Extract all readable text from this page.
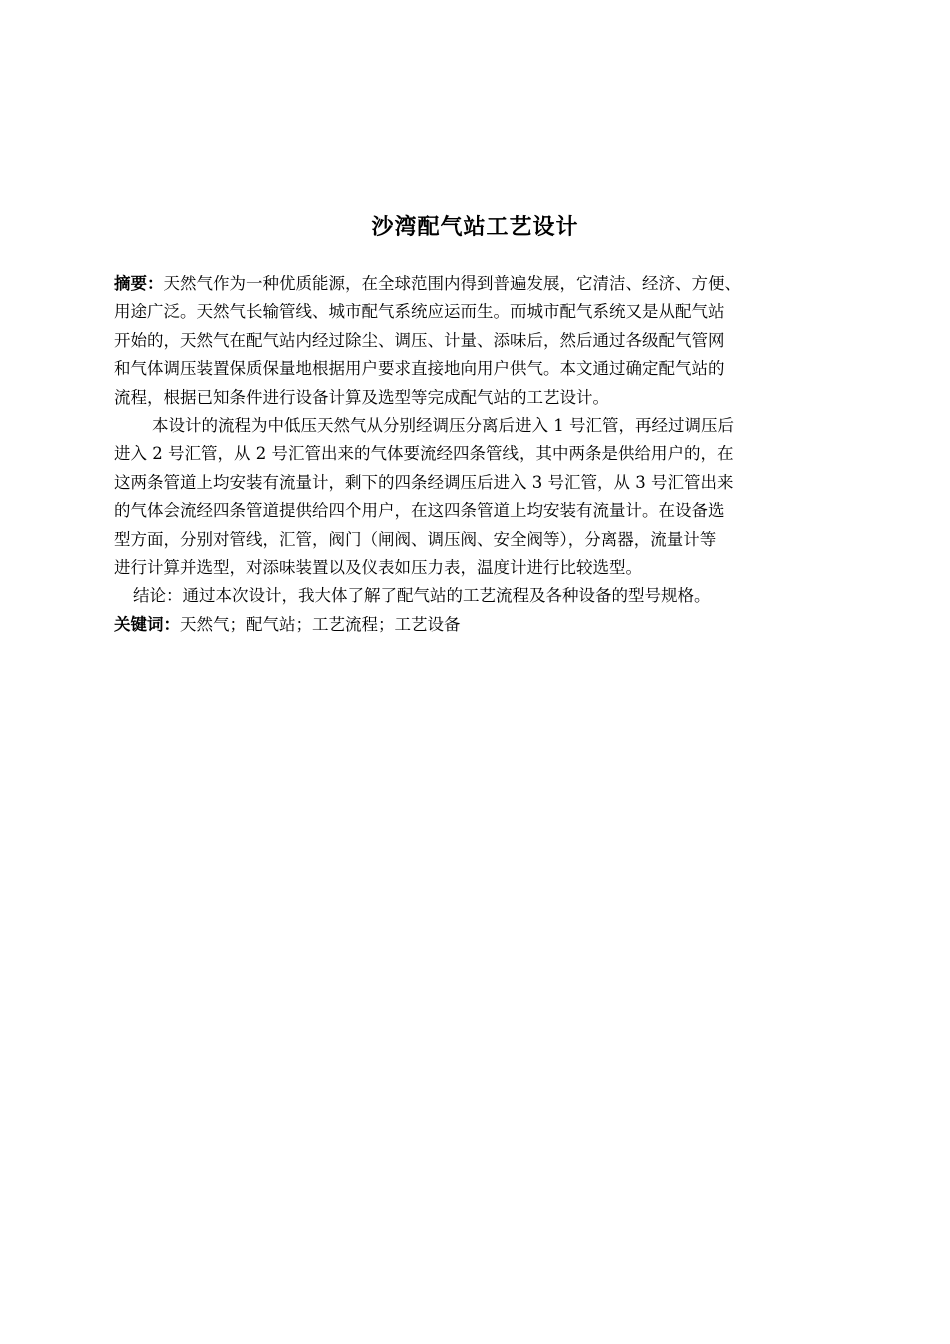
沙湾配气站工艺设计
摘要：天然气作为一种优质能源，在全球范围内得到普遍发展，它清洁、经济、方便、
用途广泛。天然气长输管线、城市配气系统应运而生。而城市配气系统又是从配气站
开始的，天然气在配气站内经过除尘、调压、计量、添味后，然后通过各级配气管网
和气体调压装置保质保量地根据用户要求直接地向用户供气。本文通过确定配气站的
流程，根据已知条件进行设备计算及选型等完成配气站的工艺设计。
本设计的流程为中低压天然气从分别经调压分离后进入 1 号汇管，再经过调压后
进入 2 号汇管，从 2 号汇管出来的气体要流经四条管线，其中两条是供给用户的，在
这两条管道上均安装有流量计，剩下的四条经调压后进入 3 号汇管，从 3 号汇管出来
的气体会流经四条管道提供给四个用户，在这四条管道上均安装有流量计。在设备选
型方面，分别对管线，汇管，阀门（闸阀、调压阀、安全阀等），分离器，流量计等
进行计算并选型，对添味装置以及仪表如压力表，温度计进行比较选型。
结论：通过本次设计，我大体了解了配气站的工艺流程及各种设备的型号规格。
关键词：天然气；配气站；工艺流程；工艺设备
